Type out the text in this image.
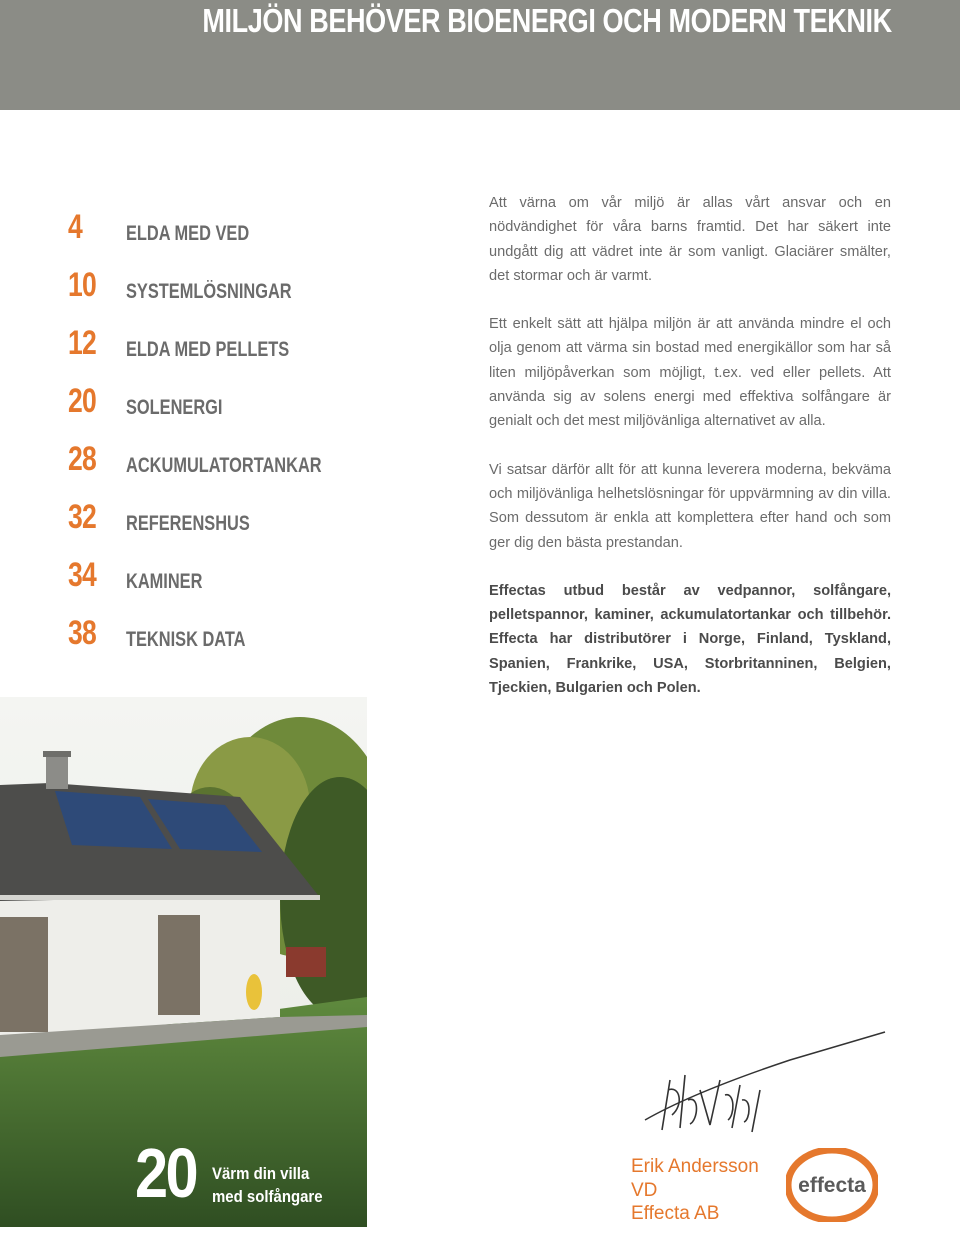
MILJÖN BEHÖVER BIOENERGI OCH MODERN TEKNIK
4 ELDA MED VED
10 SYSTEMLÖSNINGAR
12 ELDA MED PELLETS
20 SOLENERGI
28 ACKUMULATORTANKAR
32 REFERENSHUS
34 KAMINER
38 TEKNISK DATA

Att värna om vår miljö är allas vårt ansvar och en nödvändighet för våra barns framtid. Det har säkert inte undgått dig att vädret inte är som vanligt. Glaciärer smälter, det stormar och är varmt.

Ett enkelt sätt att hjälpa miljön är att använda mindre el och olja genom att värma sin bostad med energikällor som har så liten miljöpåverkan som möjligt, t.ex. ved eller pellets. Att använda sig av solens energi med effektiva solfångare är genialt och det mest miljövänliga alternativet av alla.

Vi satsar därför allt för att kunna leverera moderna, bekväma och miljövänliga helhetslösningar för uppvärmning av din villa. Som dessutom är enkla att komplettera efter hand och som ger dig den bästa prestandan.

Effectas utbud består av vedpannor, solfångare, pelletspannor, kaminer, ackumulatortankar och tillbehör. Effecta har distributörer i Norge, Finland, Tyskland, Spanien, Frankrike, USA, Storbritanninen, Belgien, Tjeckien, Bulgarien och Polen.

20 Värm din villa
med solfångare
Erik Andersson
VD
Effecta AB
effecta
